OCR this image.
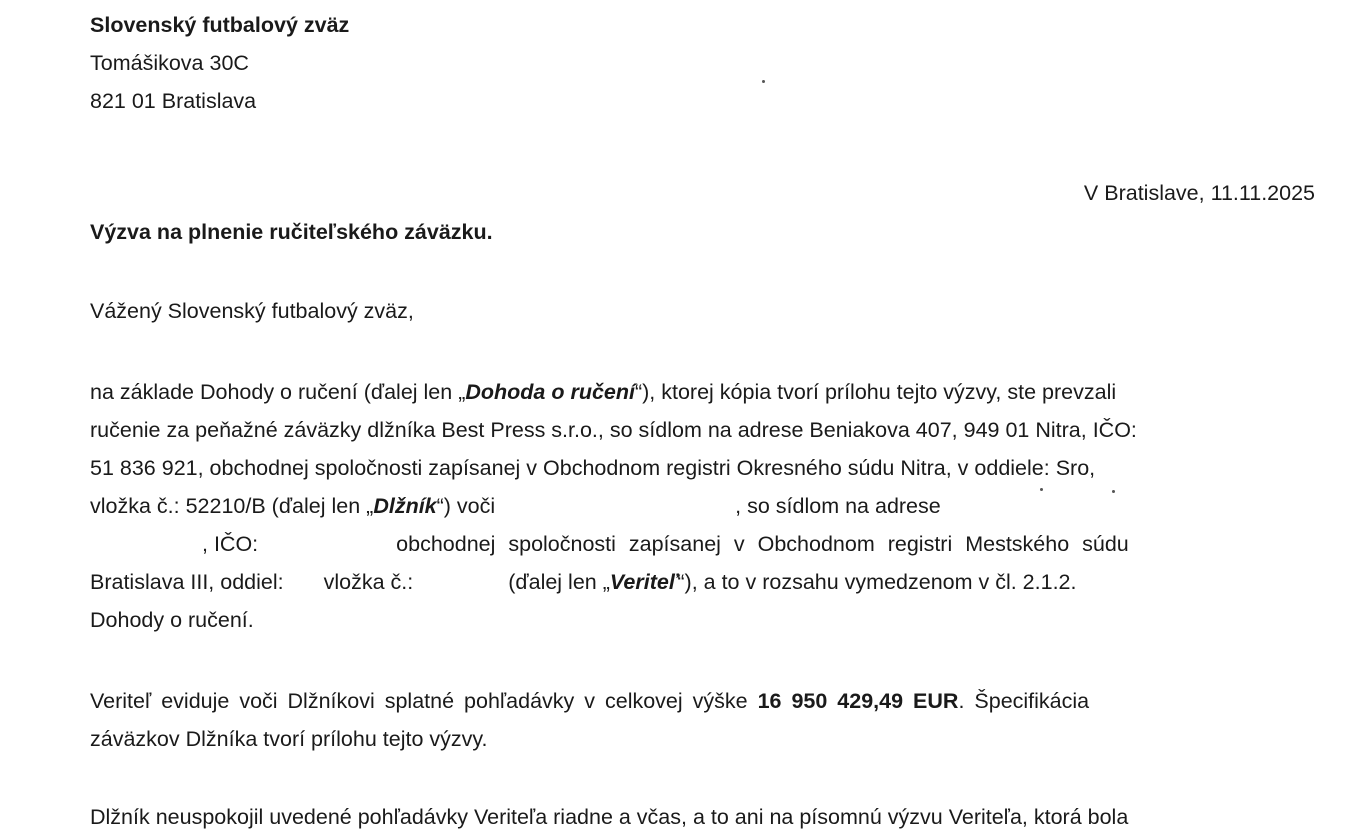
Slovenský futbalový zväz
Tomášikova 30C
821 01 Bratislava
V Bratislave, 11.11.2025
Výzva na plnenie ručiteľského záväzku.
Vážený Slovenský futbalový zväz,
na základe Dohody o ručení (ďalej len „Dohoda o ručení“), ktorej kópia tvorí prílohu tejto výzvy, ste prevzali
ručenie za peňažné záväzky dlžníka Best Press s.r.o., so sídlom na adrese Beniakova 407, 949 01 Nitra, IČO:
51 836 921, obchodnej spoločnosti zapísanej v Obchodnom registri Okresného súdu Nitra, v oddiele: Sro,
vložka č.: 52210/B (ďalej len „Dlžník“) voči	, so sídlom na adrese
, IČO:	obchodnej spoločnosti zapísanej v Obchodnom registri Mestského súdu
Bratislava III, oddiel: vložka č.:	(ďalej len „Veriteľ“), a to v rozsahu vymedzenom v čl. 2.1.2.
Dohody o ručení.
Veriteľ eviduje voči Dlžníkovi splatné pohľadávky v celkovej výške 16 950 429,49 EUR. Špecifikácia
záväzkov Dlžníka tvorí prílohu tejto výzvy.
Dlžník neuspokojil uvedené pohľadávky Veriteľa riadne a včas, a to ani na písomnú výzvu Veriteľa, ktorá bola
